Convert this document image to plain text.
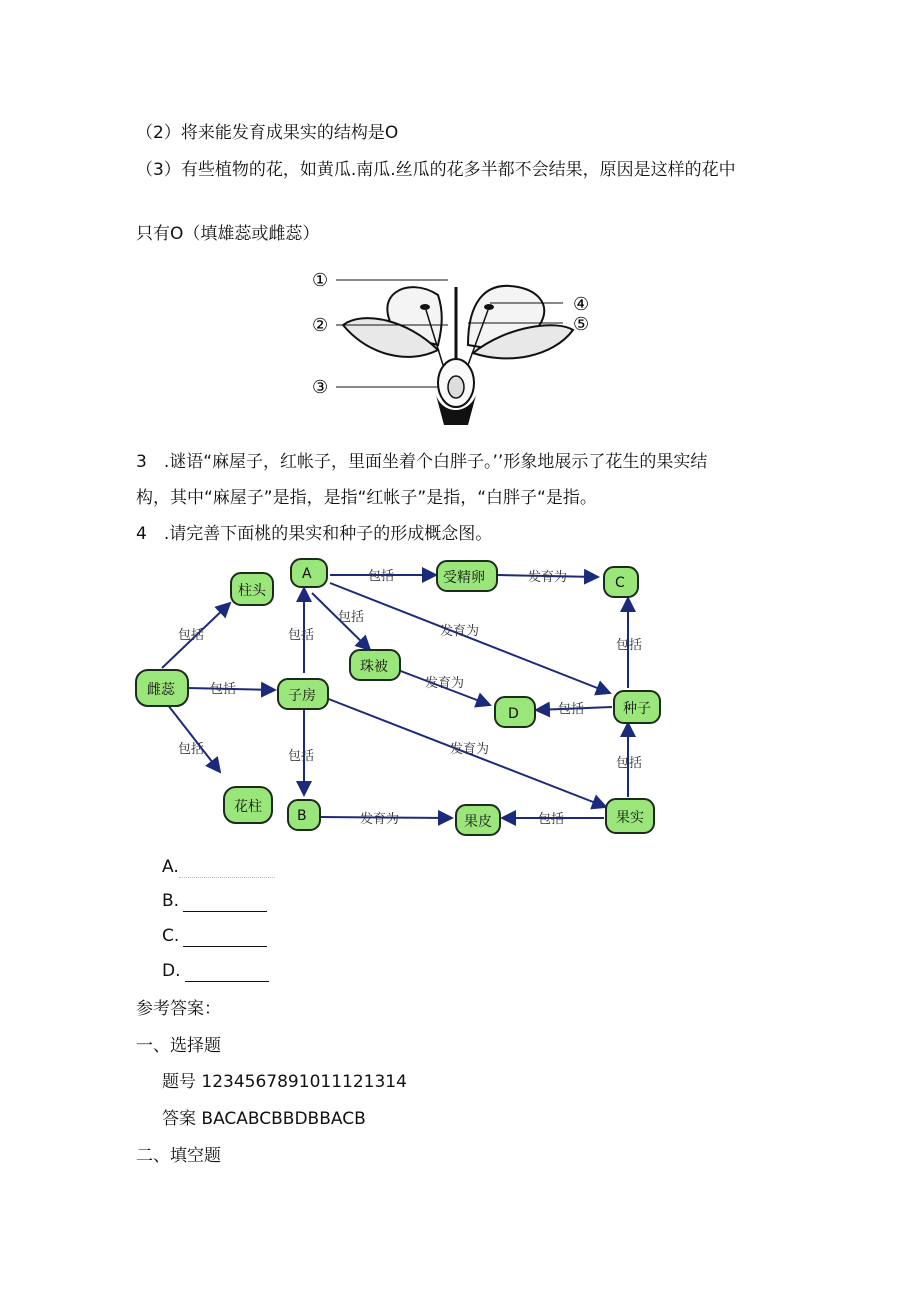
（2）将来能发育成果实的结构是O
（3）有些植物的花，如黄瓜.南瓜.丝瓜的花多半都不会结果，原因是这样的花中
只有O（填雄蕊或雌蕊）
①
②
③
④
⑤
3　.谜语“麻屋子，红帐子，里面坐着个白胖子。’’形象地展示了花生的果实结
构，其中“麻屋子”是指，是指“红帐子”是指，“白胖子“是指。
4　.请完善下面桃的果实和种子的形成概念图。
包括
包括
包括
包括
包括
包括
包括
包括
包括
包括
包括
发育为
发育为
发育为
发育为
发育为
A
柱头
受精卵	C
珠被
雌蕊	子房
D	种子
花柱
B	果皮	果实
A.
B.
C.
D.
参考答案：
一、选择题
题号 1234567891011121314
答案 BACABCBBDBBACB
二、填空题
